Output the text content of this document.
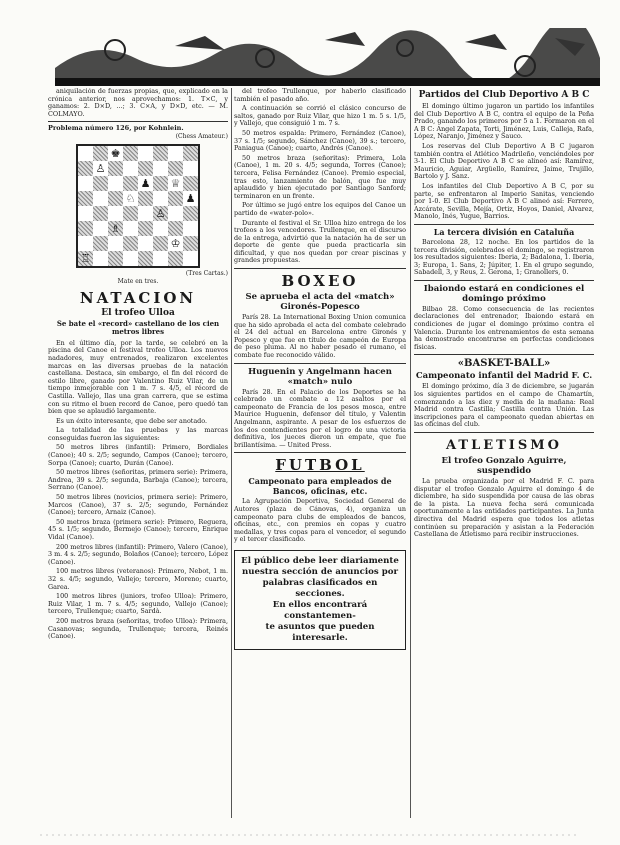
aniquilación de fuerzas propias, que, explicado en la crónica anterior, nos aprovechamos: 1. T×C, y ganamos: 2. D×D, ...; 3. C×A, y D×D, etc. — M. COLMAYO.
Problema número 126, por Kohnlein.
(Chess Amateur.)
♚
♙
♟ ♕
♘	♟
♙
♗
♔
♖
(Tres Cartas.)
Mate en tres.
NATACION
El trofeo Ulloa
Se bate el «record» castellano de los cien metros libres
En el último día, por la tarde, se celebró en la piscina del Canoe el festival trofeo Ulloa. Los nuevos nadadores, muy entrenados, realizaron excelentes marcas en las diversas pruebas de la natación castellana. Destaca, sin embargo, el fin del récord de estilo libre, ganado por Valentino Ruiz Vilar, de un tiempo inmejorable con 1 m. 7 s. 4/5, el récord de Castilla. Vallejo, Ilas una gran carrera, que se estima con su ritmo el buen record de Canoe, pero quedó tan bien que se aplaudió largamente.
Es un éxito interesante, que debe ser anotado.
La totalidad de las pruebas y las marcas conseguidas fueron las siguientes:
50 metros libres (infantil): Primero, Bordiales (Canoe); 40 s. 2/5; segundo, Campos (Canoe); tercero, Sorpa (Canoe); cuarto, Durán (Canoe).
50 metros libres (señoritas, primera serie): Primera, Andrea, 39 s. 2/5; segunda, Barbaja (Canoe); tercera, Serrano (Canoe).
50 metros libres (novicios, primera serie): Primero, Marcos (Canoe), 37 s. 2/5; segundo, Fernández (Canoe); tercero, Arnaiz (Canoe).
50 metros braza (primera serie): Primero, Reguera, 45 s. 1/5; segundo, Bermejo (Canoe); tercero, Enrique Vidal (Canoe).
200 metros libres (infantil): Primero, Valero (Canoe), 3 m. 4 s. 2/5; segundo, Bolaños (Canoe); tercero, López (Canoe).
100 metros libres (veteranos): Primero, Nebot, 1 m. 32 s. 4/5; segundo, Vallejo; tercero, Moreno; cuarto, Garea.
100 metros libres (juniors, trofeo Ulloa): Primero, Ruiz Vilar, 1 m. 7 s. 4/5; segundo, Vallejo (Canoe); tercero, Trullenque; cuarto, Sardà.
200 metros braza (señoritas, trofeo Ulloa): Primera, Casanovas; segunda, Trullenque; tercera, Reinés (Canoe).
del trofeo Trullenque, por haberlo clasificado también el pasado año.
A continuación se corrió el clásico concurso de saltos, ganado por Ruiz Vilar, que hizo 1 m. 5 s. 1/5, y Vallejo, que consiguió 1 m. 7 s.
50 metros espalda: Primero, Fernández (Canoe), 37 s. 1/5; segundo, Sánchez (Canoe), 39 s.; tercero, Paniagua (Canoe); cuarto, Andrés (Canoe).
50 metros braza (señoritas): Primera, Lola (Canoe), 1 m. 20 s. 4/5; segunda, Torres (Canoe); tercera, Felisa Fernández (Canoe). Premio especial, tras esto, lanzamiento de balón, que fue muy aplaudido y bien ejecutado por Santiago Sanford; terminaron en un frente.
Por último se jugó entre los equipos del Canoe un partido de «water-polo».
Durante el festival el Sr. Ulloa hizo entrega de los trofeos a los vencedores. Trullenque, en el discurso de la entrega, advirtió que la natación ha de ser un deporte de gente que pueda practicarla sin dificultad, y que nos quedan por crear piscinas y grandes propuestas.
BOXEO
Se aprueba el acta del «match» Gironés-Popesco
París 28. La International Boxing Union comunica que ha sido aprobada el acta del combate celebrado el 24 del actual en Barcelona entre Gironés y Popesco y que fue en título de campeón de Europa de peso pluma. Al no haber pesado el rumano, el combate fue reconocido válido.
Huguenin y Angelmann hacen «match» nulo
París 28. En el Palacio de los Deportes se ha celebrado un combate a 12 asaltos por el campeonato de Francia de los pesos mosca, entre Maurice Huguenin, defensor del título, y Valentin Angelmann, aspirante. A pesar de los esfuerzos de los dos contendientes por el logro de una victoria definitiva, los jueces dieron un empate, que fue brillantísima. — United Press.
FUTBOL
Campeonato para empleados de Bancos, oficinas, etc.
La Agrupación Deportiva, Sociedad General de Autores (plaza de Cánovas, 4), organiza un campeonato para clubs de empleados de bancos, oficinas, etc., con premios en copas y cuatro medallas, y tres copas para el vencedor, el segundo y el tercer clasificado.
El público debe leer diariamente
nuestra sección de anuncios por
palabras clasificados en secciones.
En ellos encontrará constantemen-
te asuntos que pueden interesarle.
Partidos del Club Deportivo A B C
El domingo último jugaron un partido los infantiles del Club Deportivo A B C, contra el equipo de la Peña Prado, ganando los primeros por 5 a 1. Formaron en el A B C: Angel Zapata, Torti, Jiménez, Luis, Calleja, Rafa, López, Naranjo, Jiménez y Sauco.
Los reservas del Club Deportivo A B C jugaron también contra el Atlético Madrileño, venciéndoles por 3-1. El Club Deportivo A B C se alineó así: Ramírez, Mauricio, Aguiar, Argüello, Ramírez, Jaime, Trujillo, Bartolo y J. Sanz.
Los infantiles del Club Deportivo A B C, por su parte, se enfrentaron al Imperio Sanitas, venciendo por 1-0. El Club Deportivo A B C alineó así: Ferrero, Azcárate, Sevilla, Mejía, Ortiz, Hoyos, Daniel, Alvarez, Manolo, Inés, Yugue, Barrios.
La tercera división en Cataluña
Barcelona 28, 12 noche. En los partidos de la tercera división, celebrados el domingo, se registraron los resultados siguientes: Iberia, 2; Badalona, 1. Iberia, 3; Europa, 1. Sans, 2; Júpiter, 1. En el grupo segundo, Sabadell, 3, y Reus, 2. Gerona, 1; Granollers, 0.
Ibaiondo estará en condiciones el domingo próximo
Bilbao 28. Como consecuencia de las recientes declaraciones del entrenador, Ibaiondo estará en condiciones de jugar el domingo próximo contra el Valencia. Durante los entrenamientos de esta semana ha demostrado encontrarse en perfectas condiciones físicas.
«BASKET-BALL»
Campeonato infantil del Madrid F. C.
El domingo próximo, día 3 de diciembre, se jugarán los siguientes partidos en el campo de Chamartín, comenzando a las diez y media de la mañana: Real Madrid contra Castilla; Castilla contra Unión. Las inscripciones para el campeonato quedan abiertas en las oficinas del club.
ATLETISMO
El trofeo Gonzalo Aguirre, suspendido
La prueba organizada por el Madrid F. C. para disputar el trofeo Gonzalo Aguirre el domingo 4 de diciembre, ha sido suspendida por causa de las obras de la pista. La nueva fecha será comunicada oportunamente a las entidades participantes. La Junta directiva del Madrid espera que todos los atletas continúen su preparación y asistan a la Federación Castellana de Atletismo para recibir instrucciones.
